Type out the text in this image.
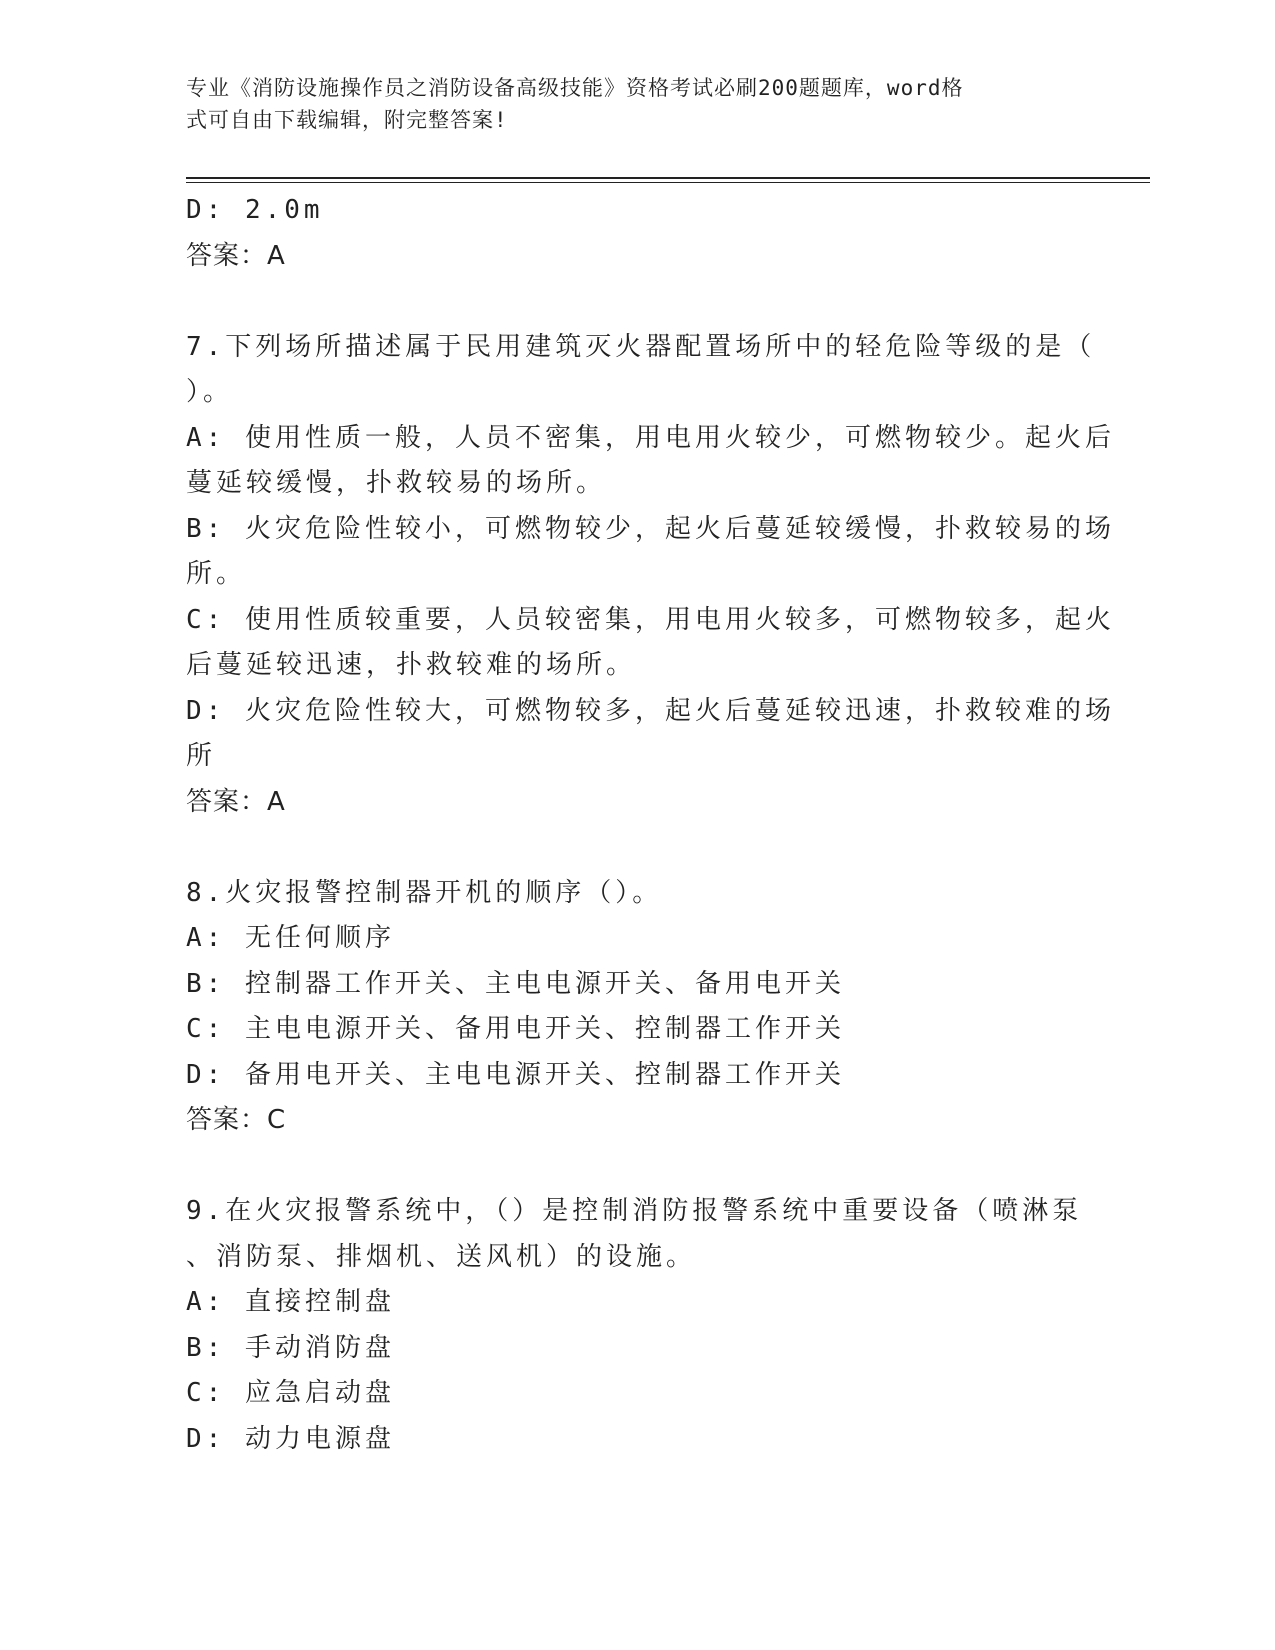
专业《消防设施操作员之消防设备高级技能》资格考试必刷200题题库，word格
式可自由下载编辑，附完整答案!
D: 2.0m
答案：A
7.下列场所描述属于民用建筑灭火器配置场所中的轻危险等级的是（
）。
A: 使用性质一般，人员不密集，用电用火较少，可燃物较少。起火后
蔓延较缓慢，扑救较易的场所。
B: 火灾危险性较小，可燃物较少，起火后蔓延较缓慢，扑救较易的场
所。
C: 使用性质较重要，人员较密集，用电用火较多，可燃物较多，起火
后蔓延较迅速，扑救较难的场所。
D: 火灾危险性较大，可燃物较多，起火后蔓延较迅速，扑救较难的场
所
答案：A
8.火灾报警控制器开机的顺序（）。
A: 无任何顺序
B: 控制器工作开关、主电电源开关、备用电开关
C: 主电电源开关、备用电开关、控制器工作开关
D: 备用电开关、主电电源开关、控制器工作开关
答案：C
9.在火灾报警系统中，（）是控制消防报警系统中重要设备（喷淋泵
、消防泵、排烟机、送风机）的设施。
A: 直接控制盘
B: 手动消防盘
C: 应急启动盘
D: 动力电源盘
